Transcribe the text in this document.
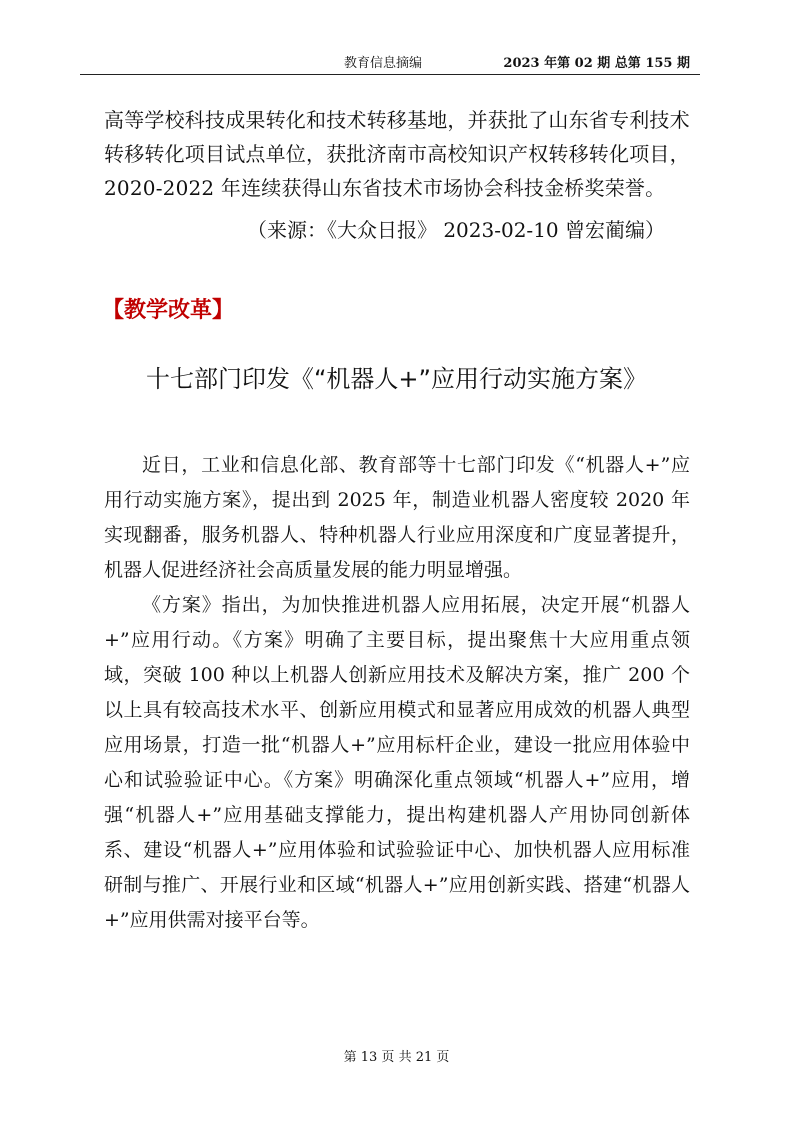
教育信息摘编	2023 年第 02 期 总第 155 期

高等学校科技成果转化和技术转移基地，并获批了山东省专利技术转移转化项目试点单位，获批济南市高校知识产权转移转化项目，2020-2022 年连续获得山东省技术市场协会科技金桥奖荣誉。

（来源：《大众日报》 2023-02-10 曾宏蔺编）
【教学改革】
十七部门印发《“机器人+”应用行动实施方案》

近日，工业和信息化部、教育部等十七部门印发《“机器人+”应用行动实施方案》，提出到 2025 年，制造业机器人密度较 2020 年实现翻番，服务机器人、特种机器人行业应用深度和广度显著提升，机器人促进经济社会高质量发展的能力明显增强。

《方案》指出，为加快推进机器人应用拓展，决定开展“机器人+”应用行动。《方案》明确了主要目标，提出聚焦十大应用重点领域，突破 100 种以上机器人创新应用技术及解决方案，推广 200 个以上具有较高技术水平、创新应用模式和显著应用成效的机器人典型应用场景，打造一批“机器人+”应用标杆企业，建设一批应用体验中心和试验验证中心。《方案》明确深化重点领域“机器人+”应用，增强“机器人+”应用基础支撑能力，提出构建机器人产用协同创新体系、建设“机器人+”应用体验和试验验证中心、加快机器人应用标准研制与推广、开展行业和区域“机器人+”应用创新实践、搭建“机器人+”应用供需对接平台等。

第 13 页 共 21 页
